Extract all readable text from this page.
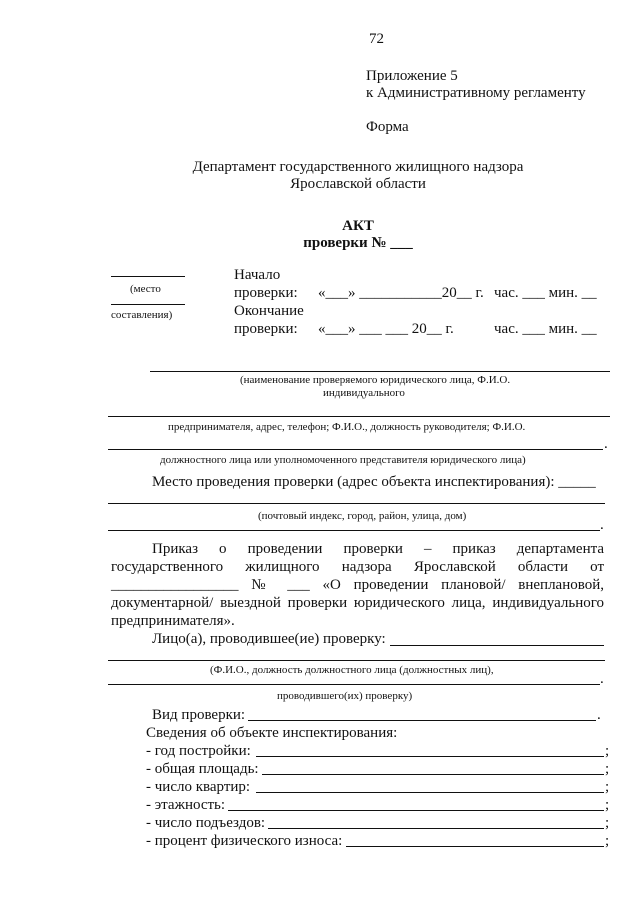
72
Приложение 5
к Административному регламенту
Форма
Департамент государственного жилищного надзора
Ярославской области
АКТ
проверки № ___
(место
составления)
Начало
проверки: «___» ___________20__ г. час. ___ мин. __
Окончание
проверки: «___» ___ ___ 20__ г.	час. ___ мин. __
(наименование проверяемого юридического лица, Ф.И.О.
индивидуального
предпринимателя, адрес, телефон; Ф.И.О., должность руководителя; Ф.И.О.
.
должностного лица или уполномоченного представителя юридического лица)
Место проведения проверки (адрес объекта инспектирования): _____
(почтовый индекс, город, район, улица, дом)
.
Приказ о проведении проверки – приказ департамента
государственного жилищного надзора Ярославской области от
_________________ № ___ «О проведении плановой/ внеплановой,
документарной/ выездной проверки юридического лица, индивидуального
предпринимателя».
Лицо(а), проводившее(ие) проверку:
(Ф.И.О., должность должностного лица (должностных лиц),
.
проводившего(их) проверку)
Вид проверки:	.
Сведения об объекте инспектирования:
- год постройки:	;
- общая площадь:	;
- число квартир:	;
- этажность:	;
- число подъездов:	;
- процент физического износа:	;
